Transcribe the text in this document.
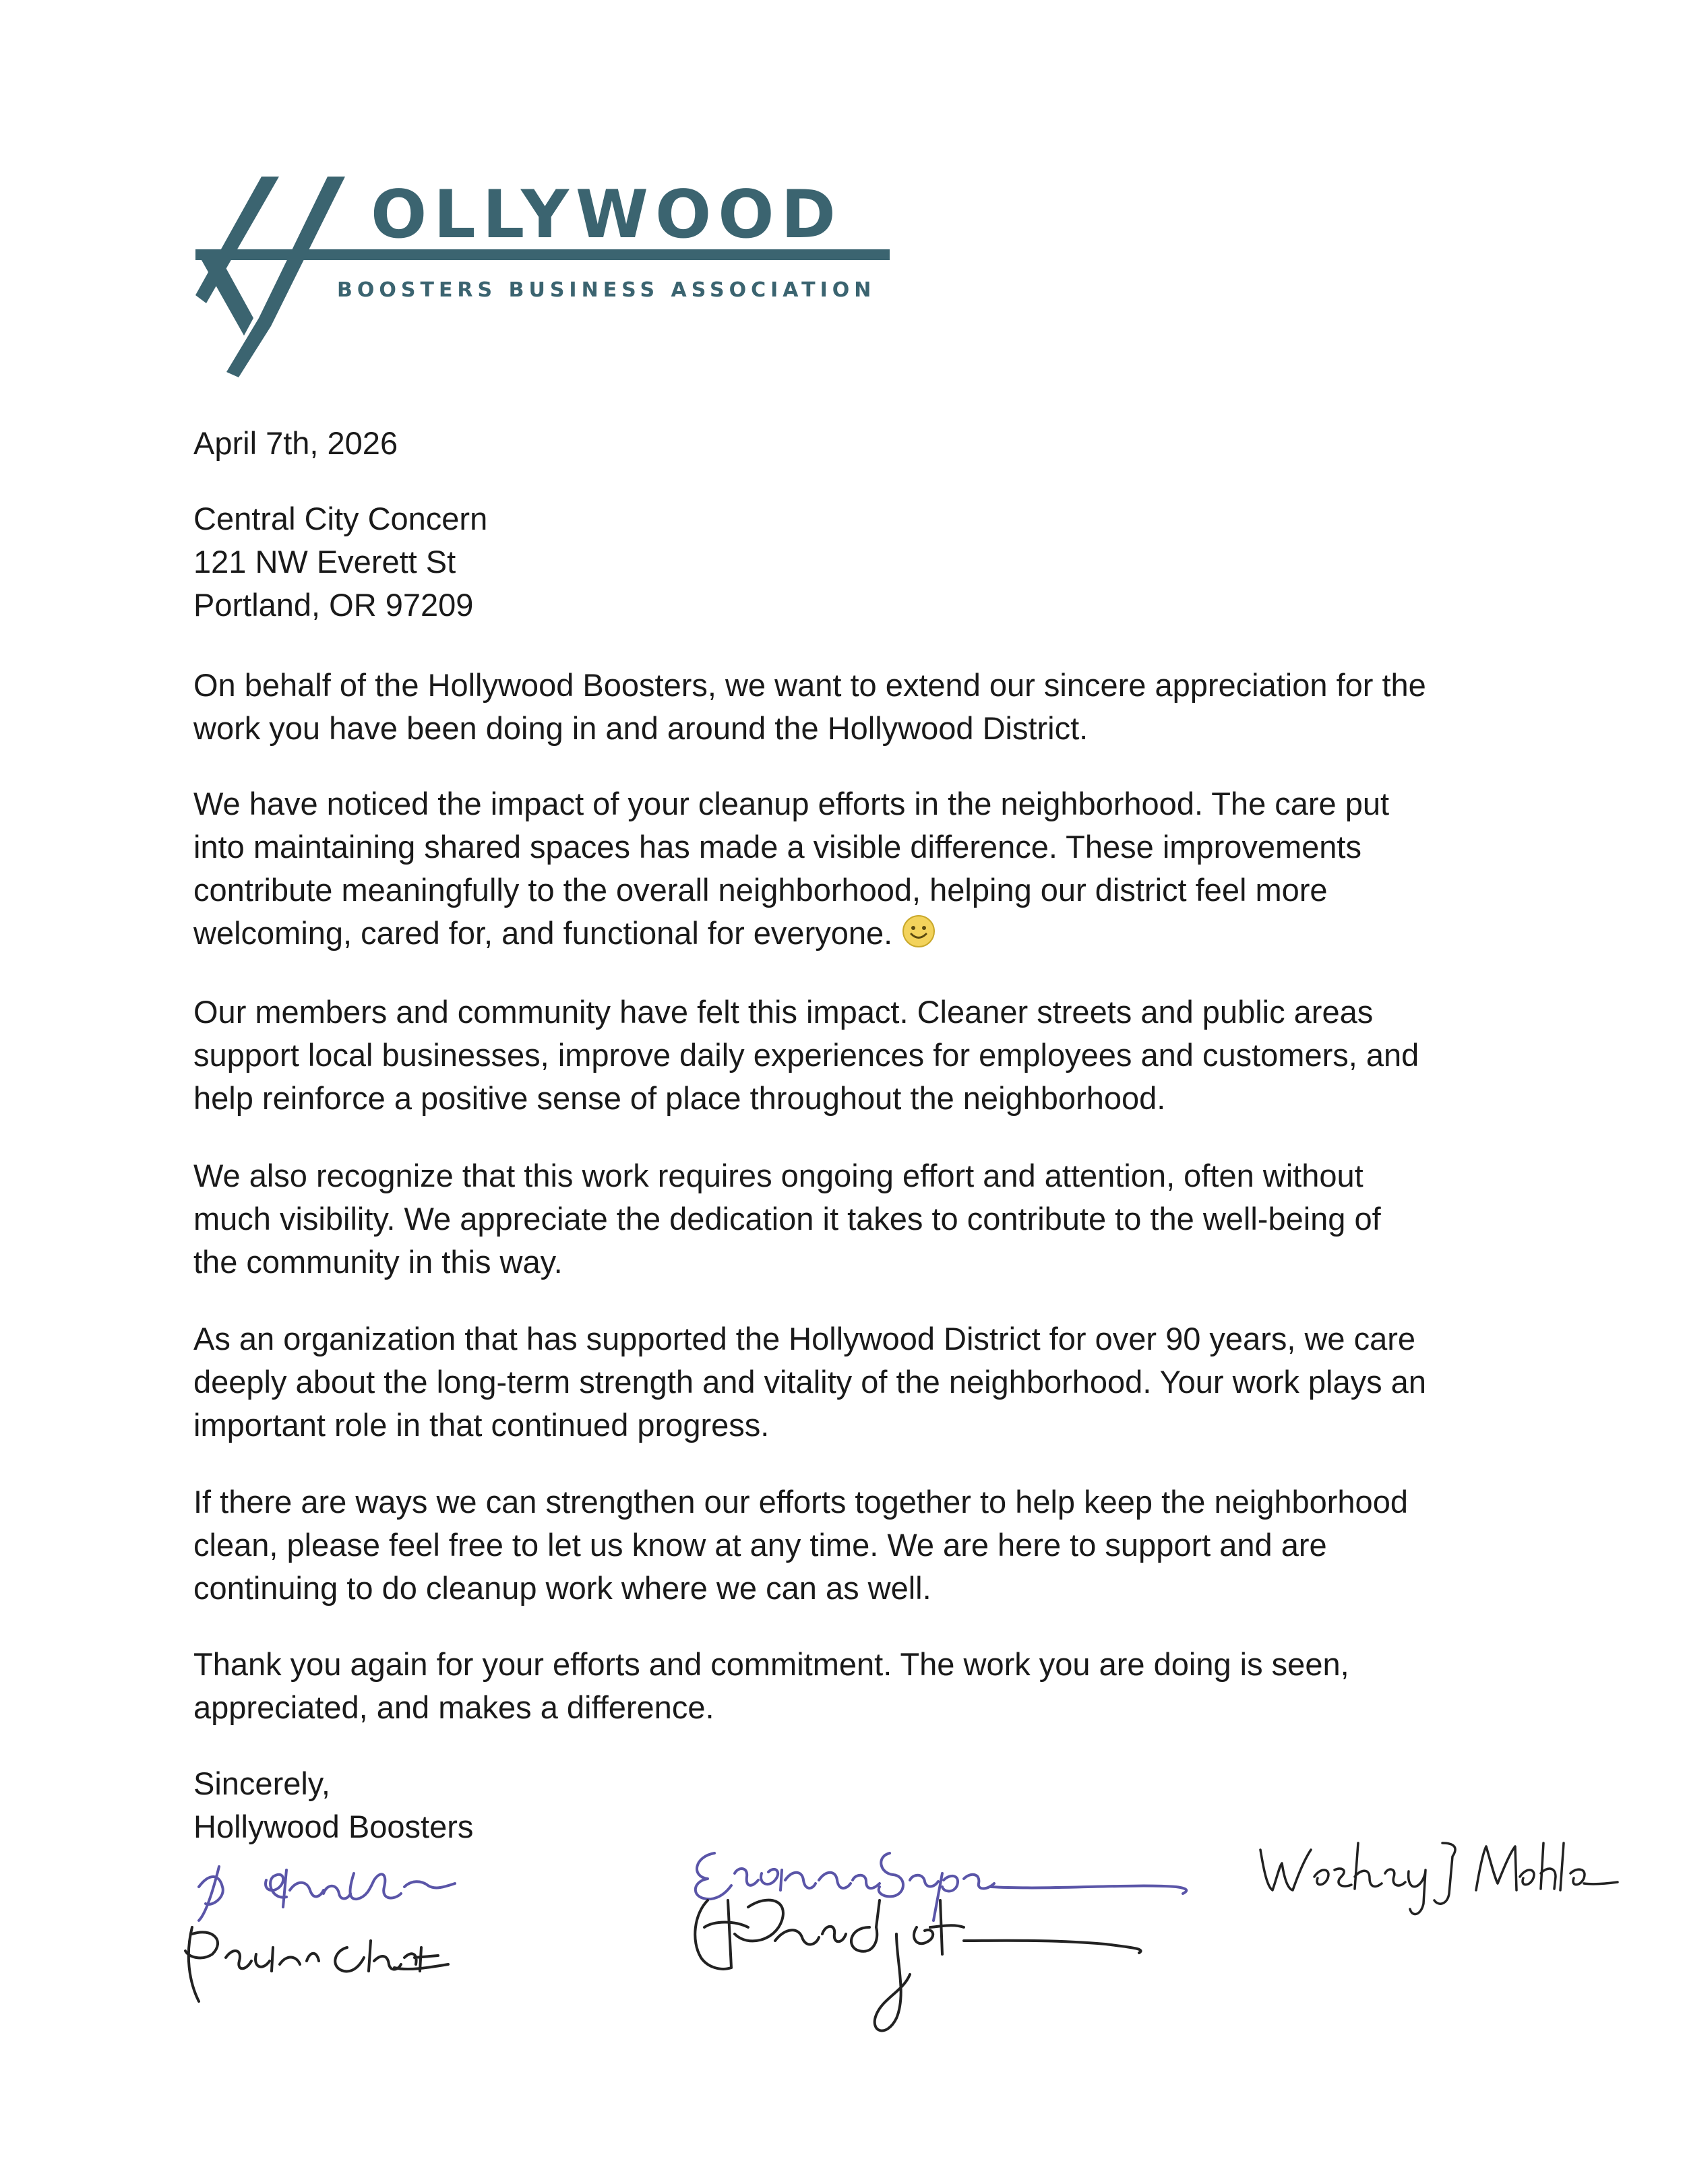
OLLYWOOD
BOOSTERS BUSINESS ASSOCIATION
April 7th, 2026
Central City Concern
121 NW Everett St
Portland, OR 97209
On behalf of the Hollywood Boosters, we want to extend our sincere appreciation for the
work you have been doing in and around the Hollywood District.
We have noticed the impact of your cleanup efforts in the neighborhood. The care put
into maintaining shared spaces has made a visible difference. These improvements
contribute meaningfully to the overall neighborhood, helping our district feel more
welcoming, cared for, and functional for everyone.
Our members and community have felt this impact. Cleaner streets and public areas
support local businesses, improve daily experiences for employees and customers, and
help reinforce a positive sense of place throughout the neighborhood.
We also recognize that this work requires ongoing effort and attention, often without
much visibility. We appreciate the dedication it takes to contribute to the well-being of
the community in this way.
As an organization that has supported the Hollywood District for over 90 years, we care
deeply about the long-term strength and vitality of the neighborhood. Your work plays an
important role in that continued progress.
If there are ways we can strengthen our efforts together to help keep the neighborhood
clean, please feel free to let us know at any time. We are here to support and are
continuing to do cleanup work where we can as well.
Thank you again for your efforts and commitment. The work you are doing is seen,
appreciated, and makes a difference.
Sincerely,
Hollywood Boosters
